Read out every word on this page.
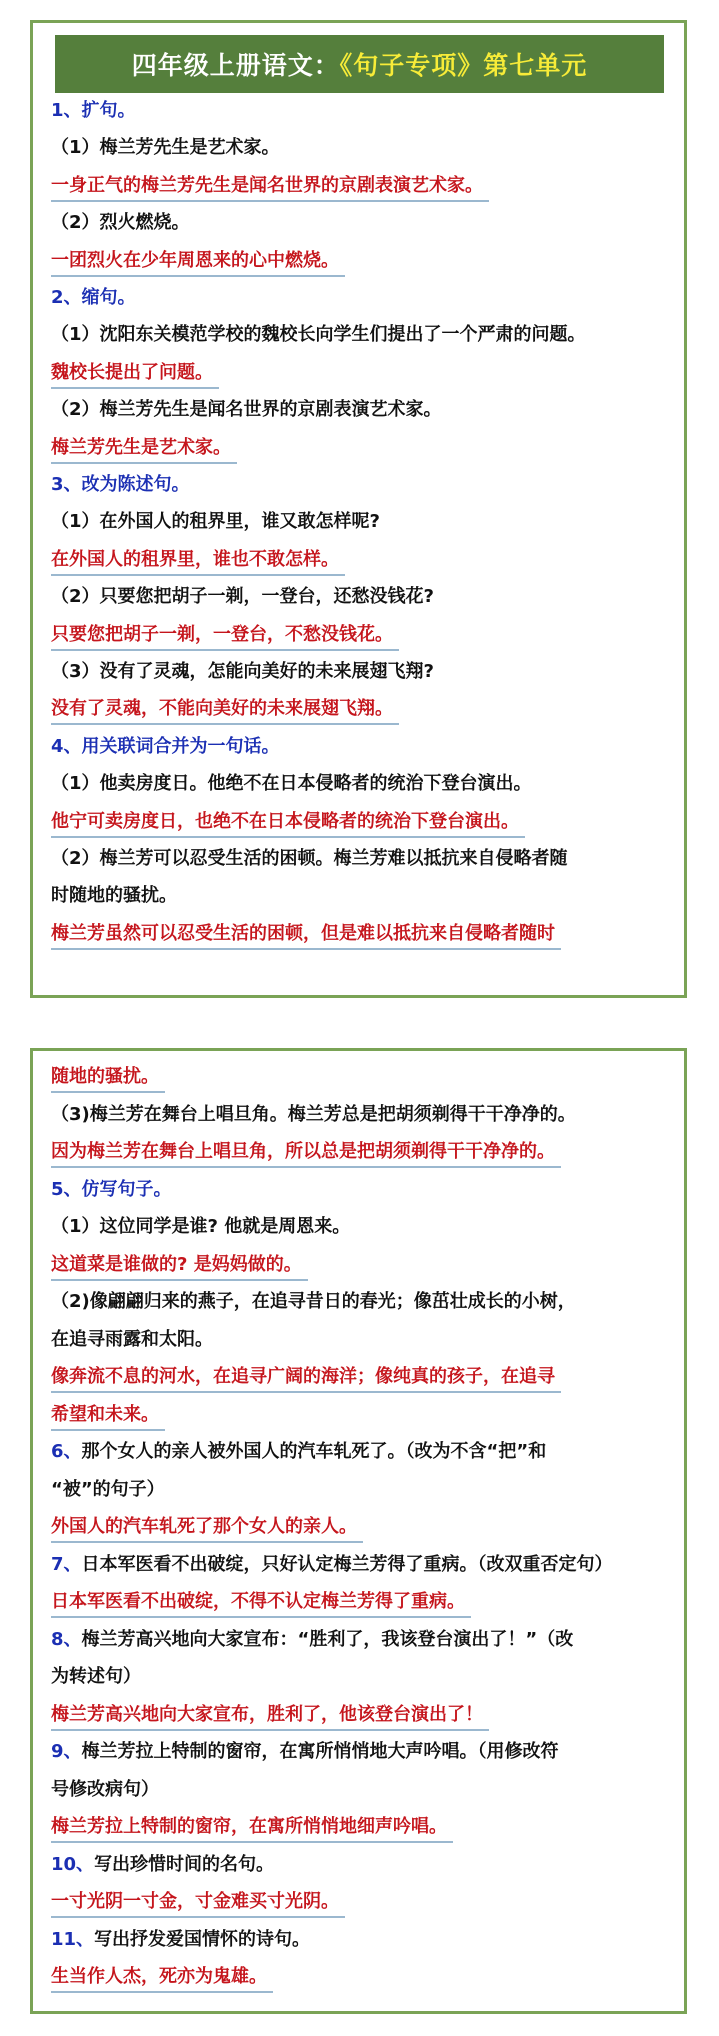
四年级上册语文：《句子专项》第七单元
1、扩句。
（1）梅兰芳先生是艺术家。
一身正气的梅兰芳先生是闻名世界的京剧表演艺术家。
（2）烈火燃烧。
一团烈火在少年周恩来的心中燃烧。
2、缩句。
（1）沈阳东关模范学校的魏校长向学生们提出了一个严肃的问题。
魏校长提出了问题。
（2）梅兰芳先生是闻名世界的京剧表演艺术家。
梅兰芳先生是艺术家。
3、改为陈述句。
（1）在外国人的租界里，谁又敢怎样呢?
在外国人的租界里，谁也不敢怎样。
（2）只要您把胡子一剃，一登台，还愁没钱花?
只要您把胡子一剃，一登台，不愁没钱花。
（3）没有了灵魂，怎能向美好的未来展翅飞翔?
没有了灵魂，不能向美好的未来展翅飞翔。
4、用关联词合并为一句话。
（1）他卖房度日。他绝不在日本侵略者的统治下登台演出。
他宁可卖房度日，也绝不在日本侵略者的统治下登台演出。
（2）梅兰芳可以忍受生活的困顿。梅兰芳难以抵抗来自侵略者随
时随地的骚扰。
梅兰芳虽然可以忍受生活的困顿，但是难以抵抗来自侵略者随时
随地的骚扰。
（3)梅兰芳在舞台上唱旦角。梅兰芳总是把胡须剃得干干净净的。
因为梅兰芳在舞台上唱旦角，所以总是把胡须剃得干干净净的。
5、仿写句子。
（1）这位同学是谁? 他就是周恩来。
这道菜是谁做的? 是妈妈做的。
（2)像翩翩归来的燕子，在追寻昔日的春光；像茁壮成长的小树，
在追寻雨露和太阳。
像奔流不息的河水，在追寻广阔的海洋；像纯真的孩子，在追寻
希望和未来。
6、那个女人的亲人被外国人的汽车轧死了。（改为不含“把”和
“被”的句子）
外国人的汽车轧死了那个女人的亲人。
7、日本军医看不出破绽，只好认定梅兰芳得了重病。（改双重否定句）
日本军医看不出破绽，不得不认定梅兰芳得了重病。
8、梅兰芳高兴地向大家宣布：“胜利了，我该登台演出了！”（改
为转述句）
梅兰芳高兴地向大家宣布，胜利了，他该登台演出了！
9、梅兰芳拉上特制的窗帘，在寓所悄悄地大声吟唱。（用修改符
号修改病句）
梅兰芳拉上特制的窗帘，在寓所悄悄地细声吟唱。
10、写出珍惜时间的名句。
一寸光阴一寸金，寸金难买寸光阴。
11、写出抒发爱国情怀的诗句。
生当作人杰，死亦为鬼雄。
